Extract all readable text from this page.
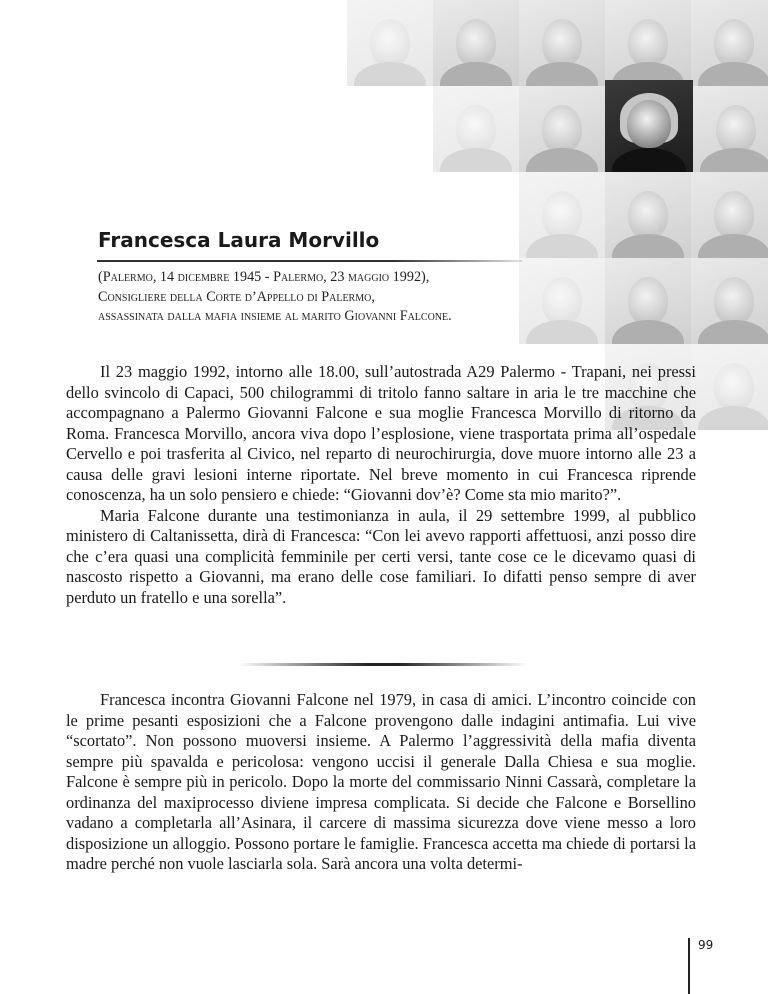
Francesca Laura Morvillo
(Palermo, 14 dicembre 1945 - Palermo, 23 maggio 1992),
Consigliere della Corte d’Appello di Palermo,
assassinata dalla mafia insieme al marito Giovanni Falcone.

Il 23 maggio 1992, intorno alle 18.00, sull’autostrada A29 Palermo - Trapani, nei pressi dello svincolo di Capaci, 500 chilogrammi di tritolo fanno saltare in aria le tre macchine che accompagnano a Palermo Giovanni Falcone e sua moglie Francesca Morvillo di ritorno da Roma. Francesca Morvillo, ancora viva dopo l’esplosione, viene trasportata prima all’ospedale Cervello e poi trasferita al Civico, nel reparto di neurochirurgia, dove muore intorno alle 23 a causa delle gravi lesioni interne riportate. Nel breve momento in cui Francesca riprende conoscenza, ha un solo pensiero e chiede: “Giovanni dov’è? Come sta mio marito?”.

Maria Falcone durante una testimonianza in aula, il 29 settembre 1999, al pubblico ministero di Caltanissetta, dirà di Francesca: “Con lei avevo rapporti affettuosi, anzi posso dire che c’era quasi una complicità femminile per certi versi, tante cose ce le dicevamo quasi di nascosto rispetto a Giovanni, ma erano delle cose familiari. Io difatti penso sempre di aver perduto un fratello e una sorella”.

Francesca incontra Giovanni Falcone nel 1979, in casa di amici. L’incontro coincide con le prime pesanti esposizioni che a Falcone provengono dalle indagini antimafia. Lui vive “scortato”. Non possono muoversi insieme. A Palermo l’aggressività della mafia diventa sempre più spavalda e pericolosa: vengono uccisi il generale Dalla Chiesa e sua moglie. Falcone è sempre più in pericolo. Dopo la morte del commissario Ninni Cassarà, completare la ordinanza del maxiprocesso diviene impresa complicata. Si decide che Falcone e Borsellino vadano a completarla all’Asinara, il carcere di massima sicurezza dove viene messo a loro disposizione un alloggio. Possono portare le famiglie. Francesca accetta ma chiede di portarsi la madre perché non vuole lasciarla sola. Sarà ancora una volta determi-

99
